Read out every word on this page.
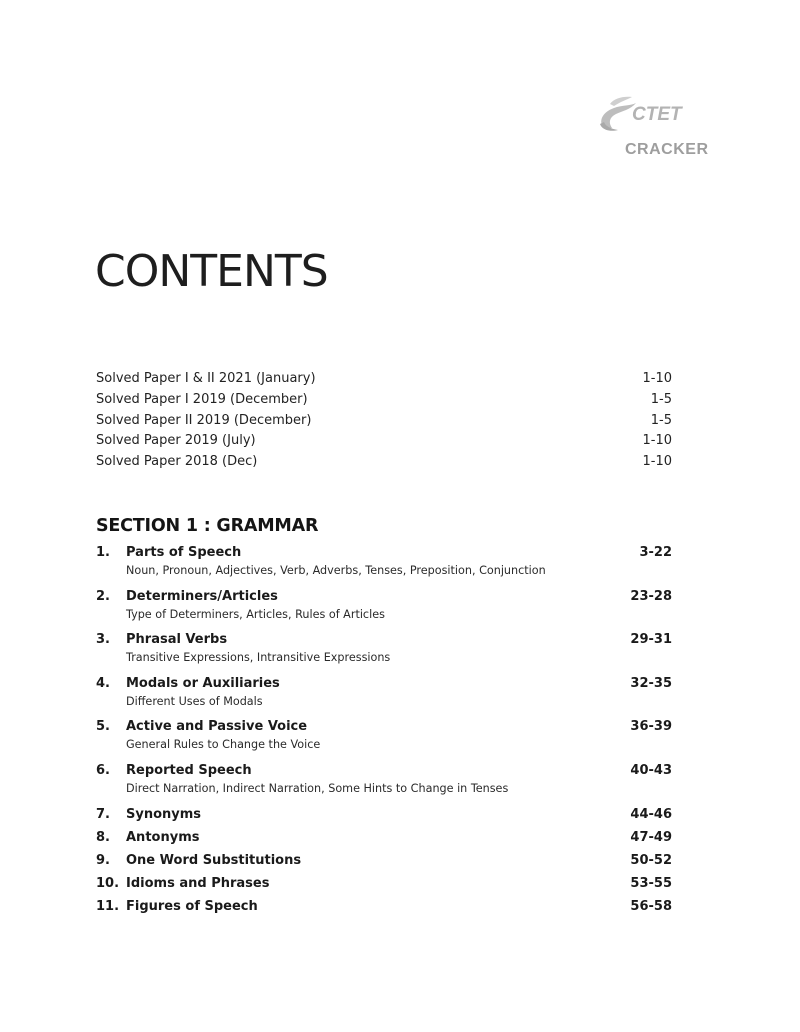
CTET
CRACKER
CONTENTS
Solved Paper I & II 2021 (January)	1-10
Solved Paper I 2019 (December)	1-5
Solved Paper II 2019 (December)	1-5
Solved Paper 2019 (July)	1-10
Solved Paper 2018 (Dec)	1-10
SECTION 1 : GRAMMAR
1.	Parts of Speech	3-22
Noun, Pronoun, Adjectives, Verb, Adverbs, Tenses, Preposition, Conjunction
2.	Determiners/Articles	23-28
Type of Determiners, Articles, Rules of Articles
3.	Phrasal Verbs	29-31
Transitive Expressions, Intransitive Expressions
4.	Modals or Auxiliaries	32-35
Different Uses of Modals
5.	Active and Passive Voice	36-39
General Rules to Change the Voice
6.	Reported Speech	40-43
Direct Narration, Indirect Narration, Some Hints to Change in Tenses
7.	Synonyms	44-46
8.	Antonyms	47-49
9.	One Word Substitutions	50-52
10. Idioms and Phrases	53-55
11. Figures of Speech	56-58
